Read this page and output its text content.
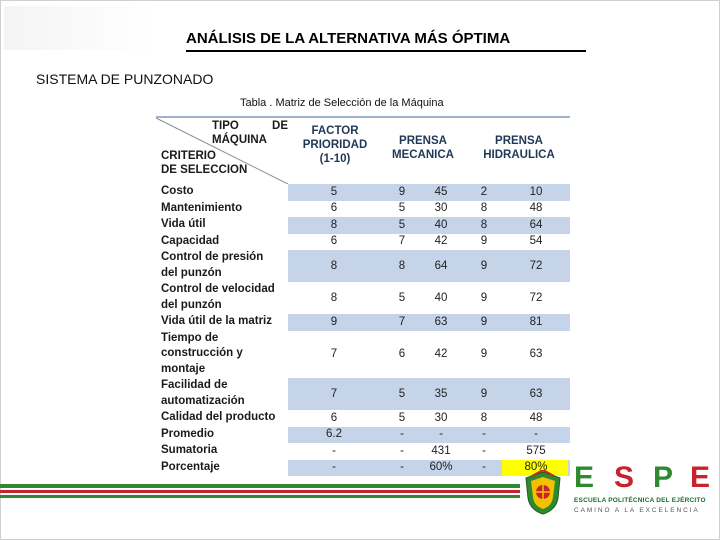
ANÁLISIS DE LA ALTERNATIVA MÁS ÓPTIMA
SISTEMA DE PUNZONADO

Tabla . Matriz de Selección de la Máquina

TIPO	DE
MÁQUINA
CRITERIO
DE SELECCION
FACTOR
PRIORIDAD
(1-10)
PRENSA
MECANICA
PRENSA
HIDRAULICA
Costo	5	9	45	2	10
Mantenimiento	6	5	30	8	48
Vida útil	8	5	40	8	64
Capacidad	6	7	42	9	54
Control de presión
del punzón
8	8	64	9	72
Control de velocidad
del punzón
8	5	40	9	72
Vida útil de la matriz	9	7	63	9	81
Tiempo de
construcción y
montaje
7	6	42	9	63
Facilidad de
automatización
7	5	35	9	63
Calidad del producto	6	5	30	8	48
Promedio	6.2	-	-	-	-
Sumatoria	-	-	431	-	575
Porcentaje	-	-	60%	-	80% E S P E
ESCUELA POLITÉCNICA DEL EJÉRCITO
CAMINO A LA EXCELENCIA
